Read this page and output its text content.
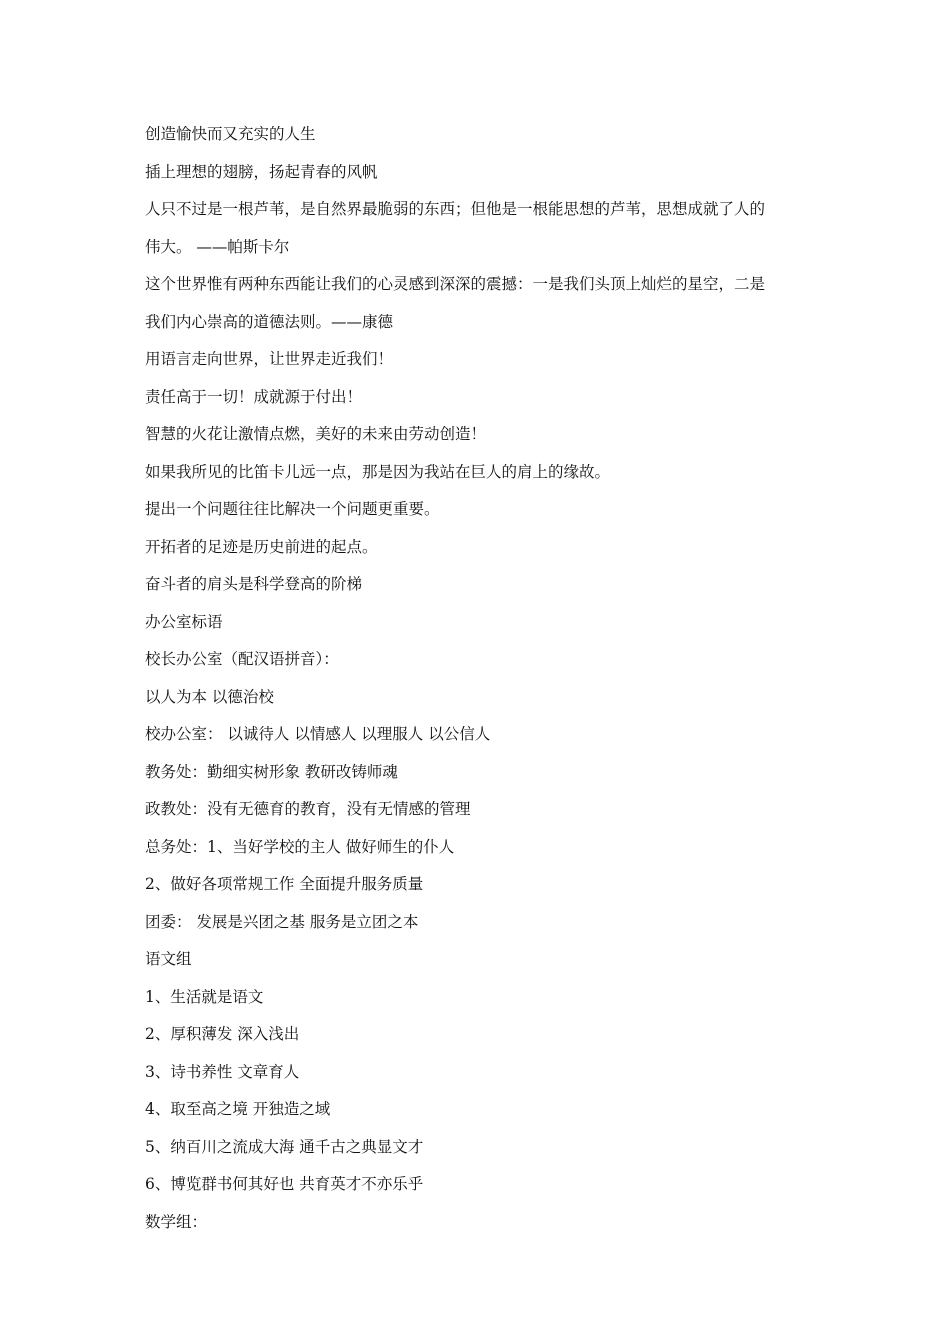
创造愉快而又充实的人生
插上理想的翅膀，扬起青春的风帆
人只不过是一根芦苇，是自然界最脆弱的东西；但他是一根能思想的芦苇，思想成就了人的
伟大。 ——帕斯卡尔
这个世界惟有两种东西能让我们的心灵感到深深的震撼：一是我们头顶上灿烂的星空，二是
我们内心崇高的道德法则。——康德
用语言走向世界，让世界走近我们！
责任高于一切！成就源于付出！
智慧的火花让激情点燃，美好的未来由劳动创造！
如果我所见的比笛卡儿远一点，那是因为我站在巨人的肩上的缘故。
提出一个问题往往比解决一个问题更重要。
开拓者的足迹是历史前进的起点。
奋斗者的肩头是科学登高的阶梯
办公室标语
校长办公室（配汉语拼音）：
以人为本 以德治校
校办公室： 以诚待人 以情感人 以理服人 以公信人
教务处：勤细实树形象 教研改铸师魂
政教处：没有无德育的教育，没有无情感的管理
总务处：1、当好学校的主人 做好师生的仆人
2、做好各项常规工作 全面提升服务质量
团委： 发展是兴团之基 服务是立团之本
语文组
1、生活就是语文
2、厚积薄发 深入浅出
3、诗书养性 文章育人
4、取至高之境 开独造之域
5、纳百川之流成大海 通千古之典显文才
6、博览群书何其好也 共育英才不亦乐乎
数学组：
